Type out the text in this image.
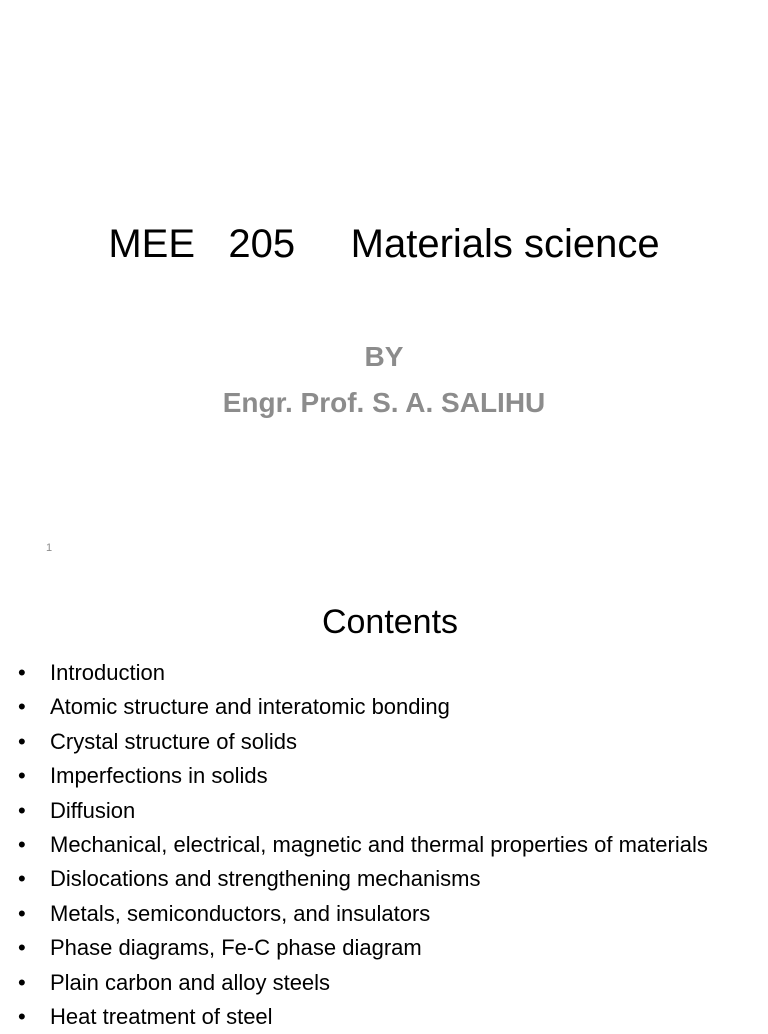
MEE   205     Materials science
BY
Engr. Prof. S. A. SALIHU
1
Contents
• Introduction
• Atomic structure and interatomic bonding
• Crystal structure of solids
• Imperfections in solids
• Diffusion
• Mechanical, electrical, magnetic and thermal properties of materials
• Dislocations and strengthening mechanisms
• Metals, semiconductors, and insulators
• Phase diagrams, Fe-C phase diagram
• Plain carbon and alloy steels
• Heat treatment of steel
